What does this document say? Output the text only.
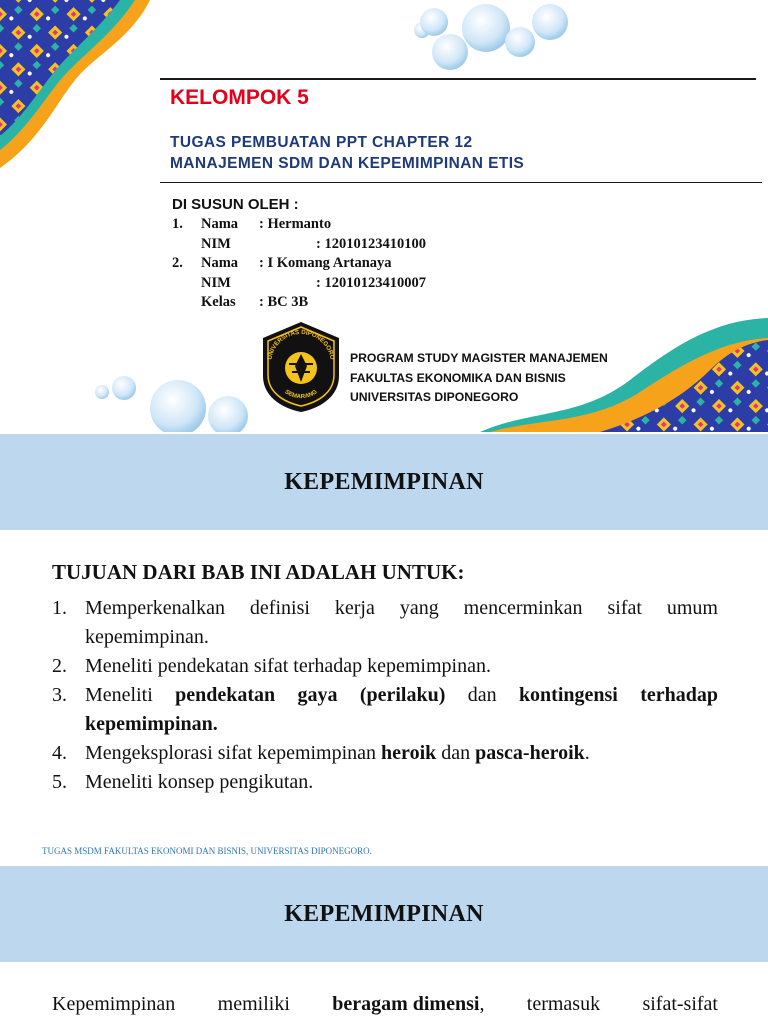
KELOMPOK 5
TUGAS PEMBUATAN PPT CHAPTER 12
MANAJEMEN SDM DAN KEPEMIMPINAN ETIS
DI SUSUN OLEH :
1. Nama : Hermanto
NIM	: 12010123410100
2. Nama : I Komang Artanaya
NIM	: 12010123410007
Kelas : BC 3B
UNIVERSITAS DIPONEGORO
SEMARANG
PROGRAM STUDY MAGISTER MANAJEMEN
FAKULTAS EKONOMIKA DAN BISNIS
UNIVERSITAS DIPONEGORO
KEPEMIMPINAN
TUJUAN DARI BAB INI ADALAH UNTUK:
1. Memperkenalkan definisi kerja yang mencerminkan sifat umum kepemimpinan.
2. Meneliti pendekatan sifat terhadap kepemimpinan.
3. Meneliti pendekatan gaya (perilaku) dan kontingensi terhadap kepemimpinan.
4. Mengeksplorasi sifat kepemimpinan heroik dan pasca-heroik.
5. Meneliti konsep pengikutan.
TUGAS MSDM FAKULTAS EKONOMI DAN BISNIS, UNIVERSITAS DIPONEGORO.
KEPEMIMPINAN
Kepemimpinan memiliki beragam dimensi, termasuk sifat-sifat
